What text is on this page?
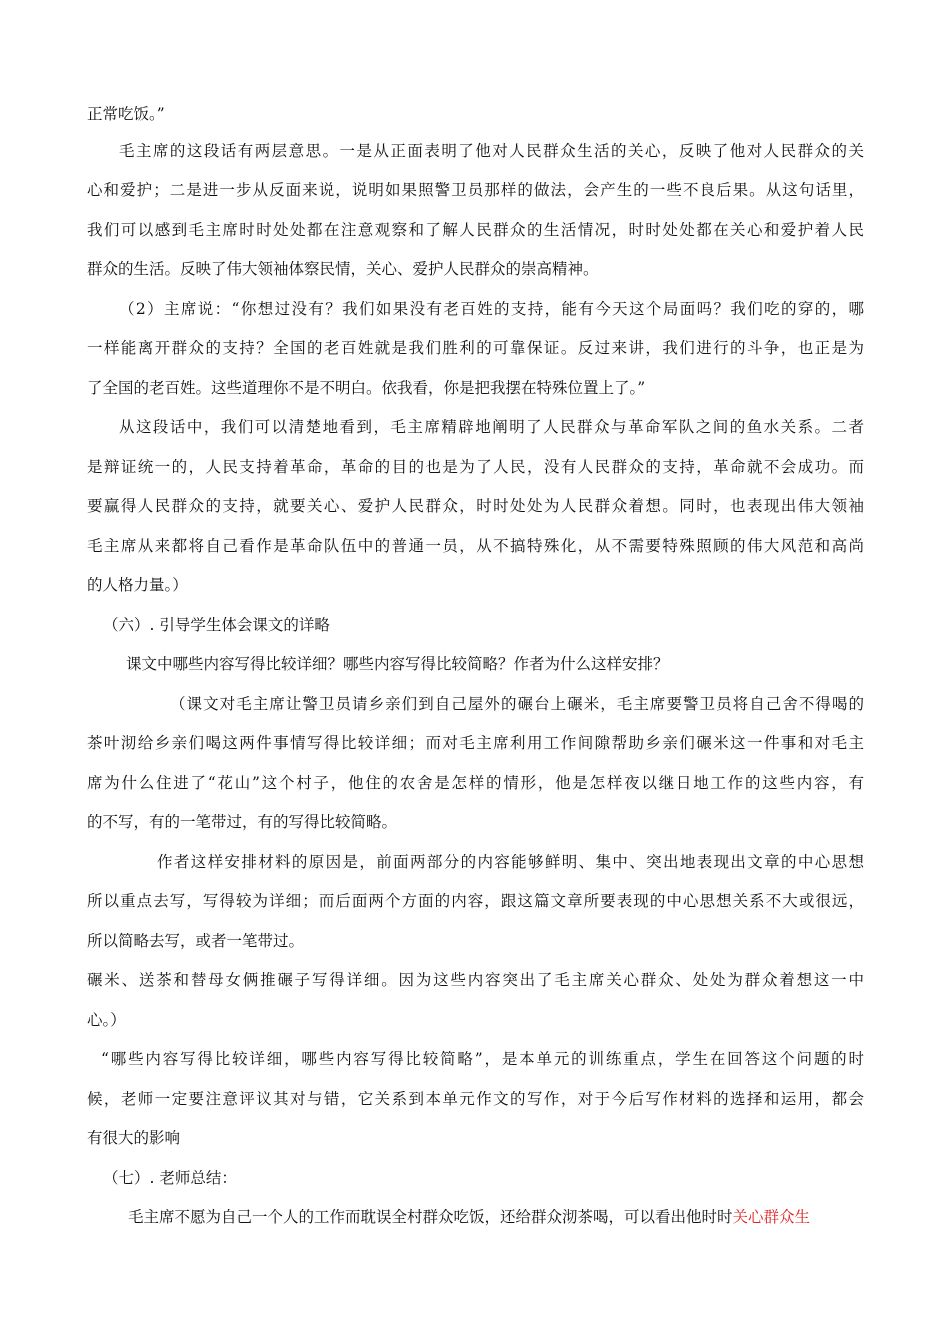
正常吃饭。”
毛主席的这段话有两层意思。一是从正面表明了他对人民群众生活的关心，反映了他对人民群众的关
心和爱护；二是进一步从反面来说，说明如果照警卫员那样的做法，会产生的一些不良后果。从这句话里，
我们可以感到毛主席时时处处都在注意观察和了解人民群众的生活情况，时时处处都在关心和爱护着人民
群众的生活。反映了伟大领袖体察民情，关心、爱护人民群众的崇高精神。
（2）主席说：“你想过没有？我们如果没有老百姓的支持，能有今天这个局面吗？我们吃的穿的，哪
一样能离开群众的支持？全国的老百姓就是我们胜利的可靠保证。反过来讲，我们进行的斗争，也正是为
了全国的老百姓。这些道理你不是不明白。依我看，你是把我摆在特殊位置上了。”
从这段话中，我们可以清楚地看到，毛主席精辟地阐明了人民群众与革命军队之间的鱼水关系。二者
是辩证统一的，人民支持着革命，革命的目的也是为了人民，没有人民群众的支持，革命就不会成功。而
要赢得人民群众的支持，就要关心、爱护人民群众，时时处处为人民群众着想。同时，也表现出伟大领袖
毛主席从来都将自己看作是革命队伍中的普通一员，从不搞特殊化，从不需要特殊照顾的伟大风范和高尚
的人格力量。）
（六）. 引导学生体会课文的详略
课文中哪些内容写得比较详细？哪些内容写得比较简略？作者为什么这样安排？
（课文对毛主席让警卫员请乡亲们到自己屋外的碾台上碾米，毛主席要警卫员将自己舍不得喝的
茶叶沏给乡亲们喝这两件事情写得比较详细；而对毛主席利用工作间隙帮助乡亲们碾米这一件事和对毛主
席为什么住进了“花山”这个村子，他住的农舍是怎样的情形，他是怎样夜以继日地工作的这些内容，有
的不写，有的一笔带过，有的写得比较简略。
作者这样安排材料的原因是，前面两部分的内容能够鲜明、集中、突出地表现出文章的中心思想
所以重点去写，写得较为详细；而后面两个方面的内容，跟这篇文章所要表现的中心思想关系不大或很远，
所以简略去写，或者一笔带过。
碾米、送茶和替母女俩推碾子写得详细。因为这些内容突出了毛主席关心群众、处处为群众着想这一中
心。）
“哪些内容写得比较详细，哪些内容写得比较简略”，是本单元的训练重点，学生在回答这个问题的时
候，老师一定要注意评议其对与错，它关系到本单元作文的写作，对于今后写作材料的选择和运用，都会
有很大的影响
（七）. 老师总结：
毛主席不愿为自己一个人的工作而耽误全村群众吃饭，还给群众沏茶喝，可以看出他时时关心群众生
